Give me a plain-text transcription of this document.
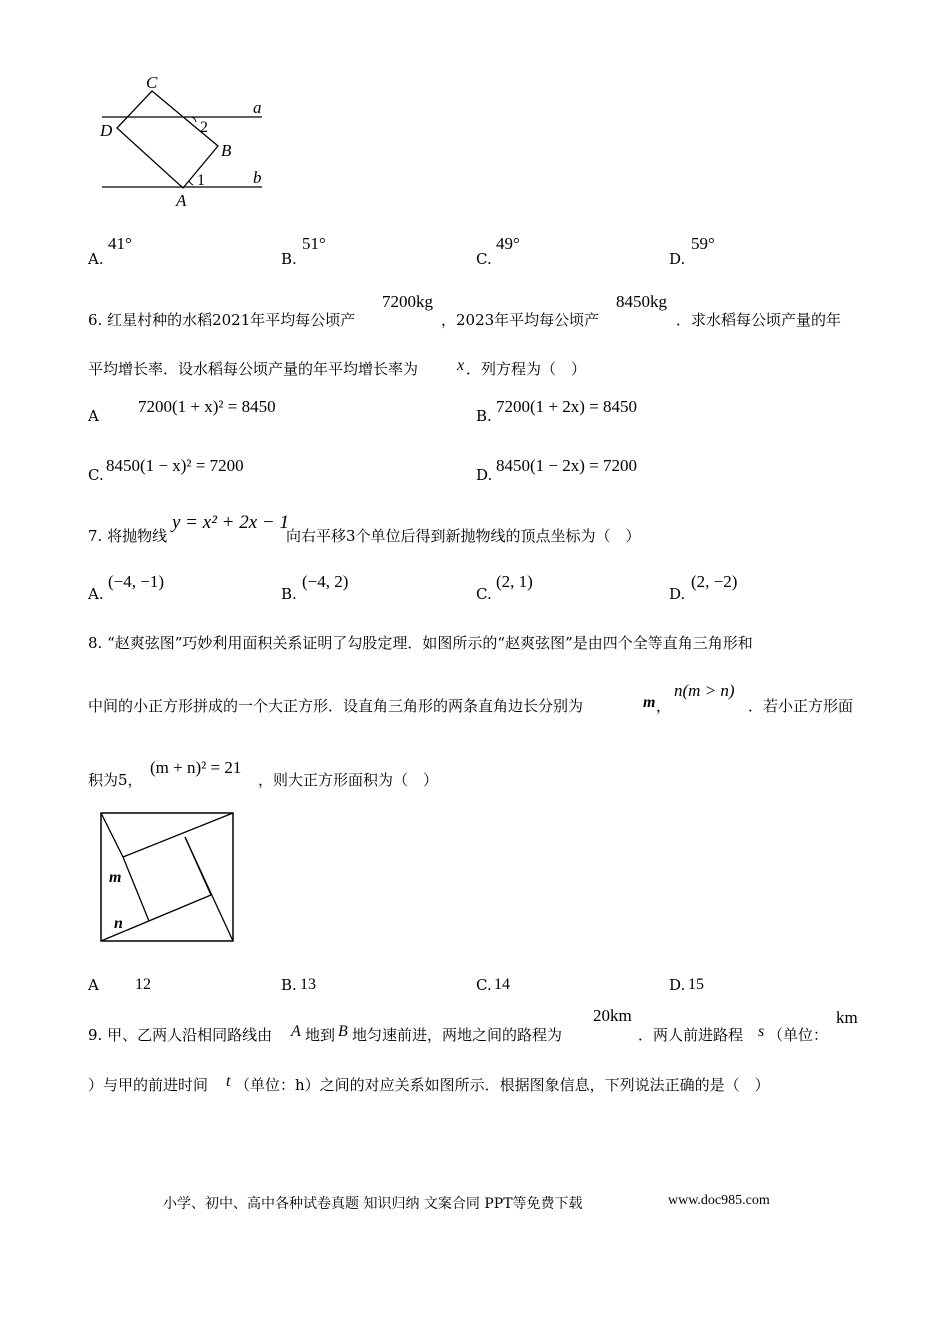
C
D
B
A
a
b
1
2
A.
41°
B.
51°
C.
49°
D.
59°
6. 红星村种的水稻2021年平均每公顷产
7200kg
，2023年平均每公顷产
8450kg
．求水稻每公顷产量的年
平均增长率．设水稻每公顷产量的年平均增长率为 x ．列方程为（　）
A 7200(1 + x)² = 8450	B. 7200(1 + 2x) = 8450
C. 8450(1 − x)² = 7200	D. 8450(1 − 2x) = 7200
7. 将抛物线
y = x² + 2x − 1
向右平移3个单位后得到新抛物线的顶点坐标为（　）
A.
(−4, −1)
B.
(−4, 2)
C.
(2, 1)
D.
(2, −2)
8. “赵爽弦图”巧妙利用面积关系证明了勾股定理．如图所示的“赵爽弦图”是由四个全等直角三角形和
中间的小正方形拼成的一个大正方形．设直角三角形的两条直角边长分别为	m ，
n(m > n)
．若小正方形面
积为5，
(m + n)² = 21
，则大正方形面积为（　）
m
n
A 12	B. 13	C. 14	D. 15
9. 甲、乙两人沿相同路线由 A 地到 B 地匀速前进，两地之间的路程为
20km
．两人前进路程 s （单位：
km
）与甲的前进时间 t （单位：h）之间的对应关系如图所示．根据图象信息，下列说法正确的是（　）
小学、初中、高中各种试卷真题 知识归纳 文案合同 PPT等免费下载	www.doc985.com
